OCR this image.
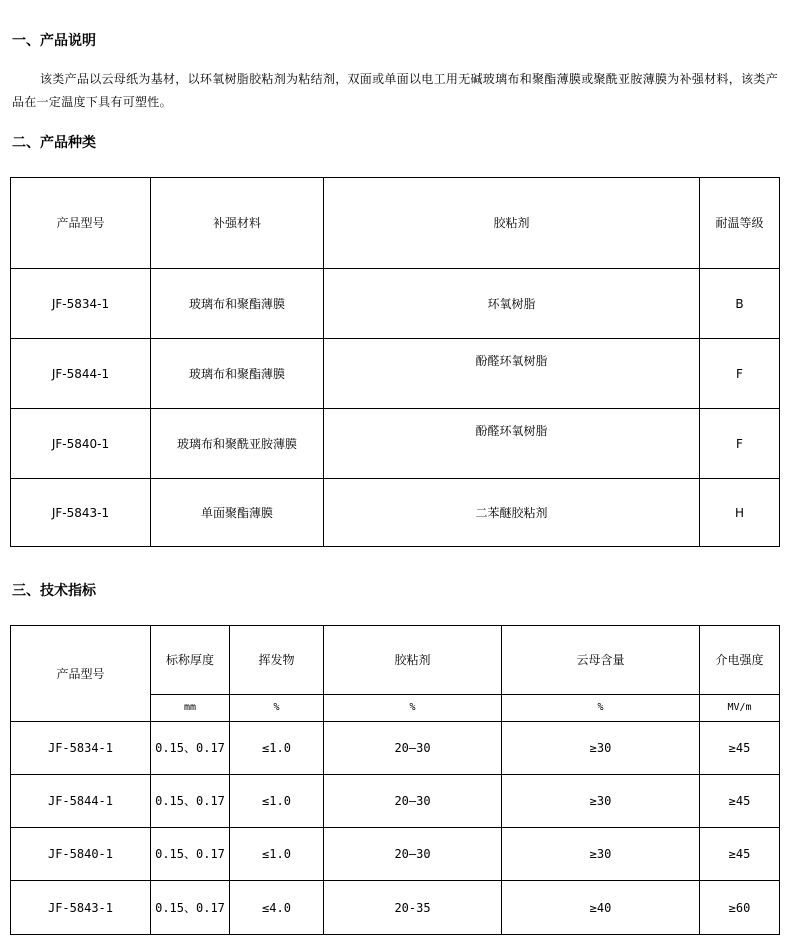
一、产品说明

该类产品以云母纸为基材，以环氧树脂胶粘剂为粘结剂，双面或单面以电工用无碱玻璃布和聚酯薄膜或聚酰亚胺薄膜为补强材料，该类产品在一定温度下具有可塑性。

二、产品种类
产品型号	补强材料	胶粘剂	耐温等级
JF-5834-1	玻璃布和聚酯薄膜	环氧树脂	B
JF-5844-1	玻璃布和聚酯薄膜	酚醛环氧树脂	F
JF-5840-1	玻璃布和聚酰亚胺薄膜	酚醛环氧树脂	F
JF-5843-1	单面聚酯薄膜	二苯醚胶粘剂	H
三、技术指标
产品型号	标称厚度	挥发物	胶粘剂	云母含量	介电强度
	mm	%	%	%	MV/m
JF-5834-1	0.15、0.17	≤1.0	20—30	≥30	≥45
JF-5844-1	0.15、0.17	≤1.0	20—30	≥30	≥45
JF-5840-1	0.15、0.17	≤1.0	20—30	≥30	≥45
JF-5843-1	0.15、0.17	≤4.0	20-35	≥40	≥60
